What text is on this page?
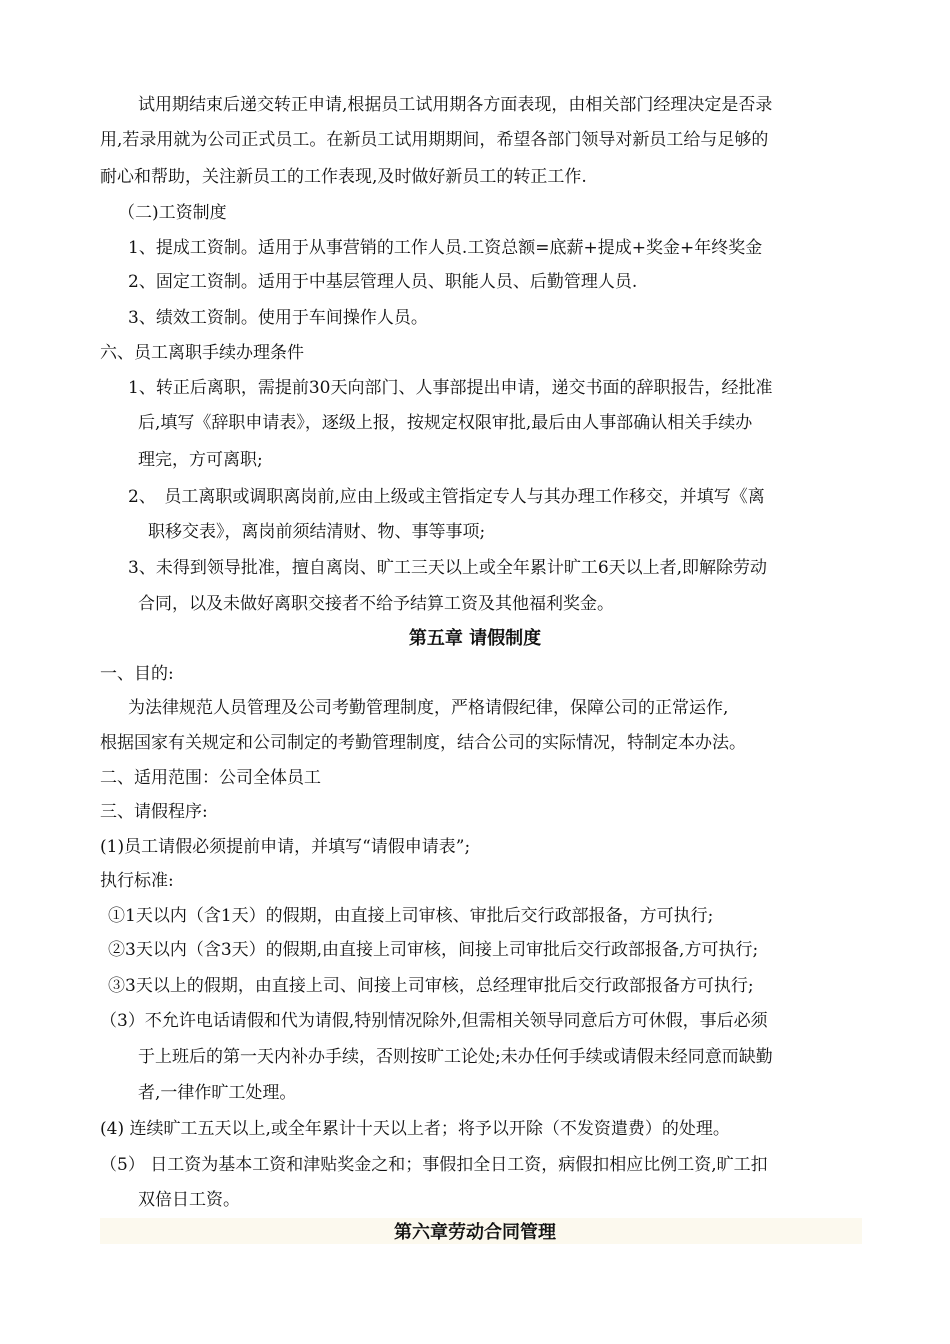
试用期结束后递交转正申请,根据员工试用期各方面表现，由相关部门经理决定是否录
用,若录用就为公司正式员工。在新员工试用期期间，希望各部门领导对新员工给与足够的
耐心和帮助，关注新员工的工作表现,及时做好新员工的转正工作.
（二)工资制度
1、提成工资制。适用于从事营销的工作人员.工资总额=底薪+提成+奖金+年终奖金
2、固定工资制。适用于中基层管理人员、职能人员、后勤管理人员.
3、绩效工资制。使用于车间操作人员。
六、员工离职手续办理条件
1、转正后离职，需提前30天向部门、人事部提出申请，递交书面的辞职报告，经批准
后,填写《辞职申请表》，逐级上报，按规定权限审批,最后由人事部确认相关手续办
理完，方可离职;
2、　员工离职或调职离岗前,应由上级或主管指定专人与其办理工作移交，并填写《离
职移交表》，离岗前须结清财、物、事等事项;
3、未得到领导批准，擅自离岗、旷工三天以上或全年累计旷工6天以上者,即解除劳动
合同，以及未做好离职交接者不给予结算工资及其他福利奖金。
第五章 请假制度
一、目的:
为法律规范人员管理及公司考勤管理制度，严格请假纪律，保障公司的正常运作,
根据国家有关规定和公司制定的考勤管理制度，结合公司的实际情况，特制定本办法。
二、适用范围：公司全体员工
三、请假程序:
(1)员工请假必须提前申请，并填写“请假申请表”;
执行标准:
①1天以内（含1天）的假期，由直接上司审核、审批后交行政部报备，方可执行;
②3天以内（含3天）的假期,由直接上司审核，间接上司审批后交行政部报备,方可执行;
③3天以上的假期，由直接上司、间接上司审核，总经理审批后交行政部报备方可执行;
（3）不允许电话请假和代为请假,特别情况除外,但需相关领导同意后方可休假，事后必须
于上班后的第一天内补办手续，否则按旷工论处;未办任何手续或请假未经同意而缺勤
者,一律作旷工处理。
(4) 连续旷工五天以上,或全年累计十天以上者；将予以开除（不发资遣费）的处理。
（5） 日工资为基本工资和津贴奖金之和；事假扣全日工资，病假扣相应比例工资,旷工扣
双倍日工资。
第六章劳动合同管理
